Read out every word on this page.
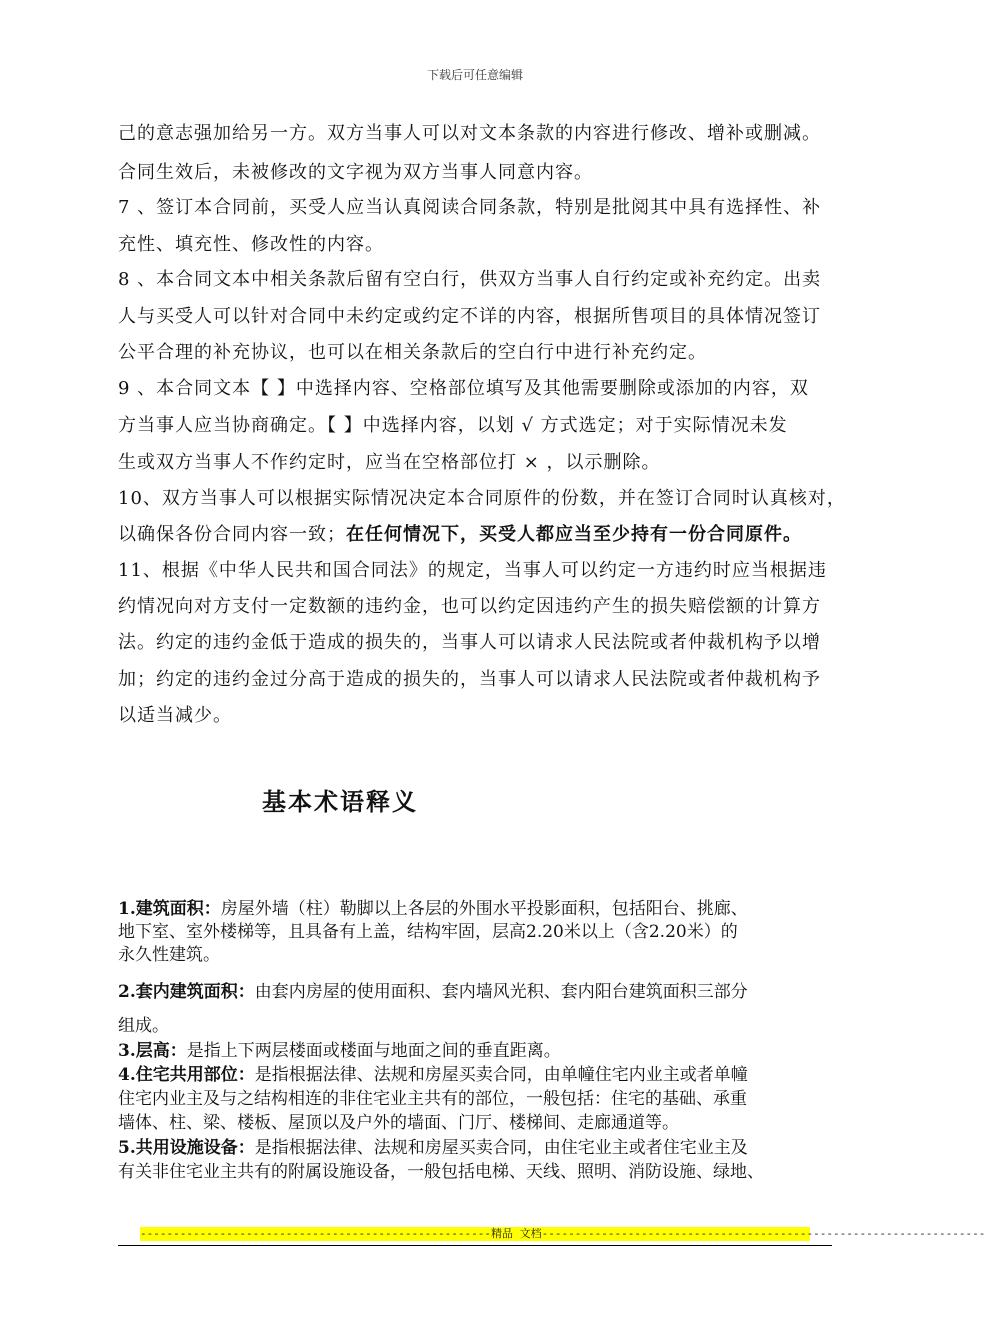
下载后可任意编辑

己的意志强加给另一方。双方当事人可以对文本条款的内容进行修改、增补或删减。

合同生效后，未被修改的文字视为双方当事人同意内容。

7 、签订本合同前，买受人应当认真阅读合同条款，特别是批阅其中具有选择性、补

充性、填充性、修改性的内容。

8 、本合同文本中相关条款后留有空白行，供双方当事人自行约定或补充约定。出卖

人与买受人可以针对合同中未约定或约定不详的内容，根据所售项目的具体情况签订

公平合理的补充协议，也可以在相关条款后的空白行中进行补充约定。

9 、本合同文本【 】中选择内容、空格部位填写及其他需要删除或添加的内容，双

方当事人应当协商确定。【 】中选择内容，以划 √ 方式选定；对于实际情况未发

生或双方当事人不作约定时，应当在空格部位打 × ，以示删除。

10、双方当事人可以根据实际情况决定本合同原件的份数，并在签订合同时认真核对，

以确保各份合同内容一致；在任何情况下，买受人都应当至少持有一份合同原件。

11、根据《中华人民共和国合同法》的规定，当事人可以约定一方违约时应当根据违

约情况向对方支付一定数额的违约金，也可以约定因违约产生的损失赔偿额的计算方

法。约定的违约金低于造成的损失的，当事人可以请求人民法院或者仲裁机构予以增

加；约定的违约金过分高于造成的损失的，当事人可以请求人民法院或者仲裁机构予

以适当减少。

基本术语释义

1.建筑面积：房屋外墙（柱）勒脚以上各层的外围水平投影面积，包括阳台、挑廊、

地下室、室外楼梯等，且具备有上盖，结构牢固，层高2.20米以上（含2.20米）的

永久性建筑。

2.套内建筑面积：由套内房屋的使用面积、套内墙风光积、套内阳台建筑面积三部分

组成。

3.层高：是指上下两层楼面或楼面与地面之间的垂直距离。

4.住宅共用部位：是指根据法律、法规和房屋买卖合同，由单幢住宅内业主或者单幢

住宅内业主及与之结构相连的非住宅业主共有的部位，一般包括：住宅的基础、承重

墙体、柱、梁、楼板、屋顶以及户外的墙面、门厅、楼梯间、走廊通道等。

5.共用设施设备：是指根据法律、法规和房屋买卖合同，由住宅业主或者住宅业主及

有关非住宅业主共有的附属设施设备，一般包括电梯、天线、照明、消防设施、绿地、

-----------------------------------------------------精品 文档-------------------------------------------------------------------
